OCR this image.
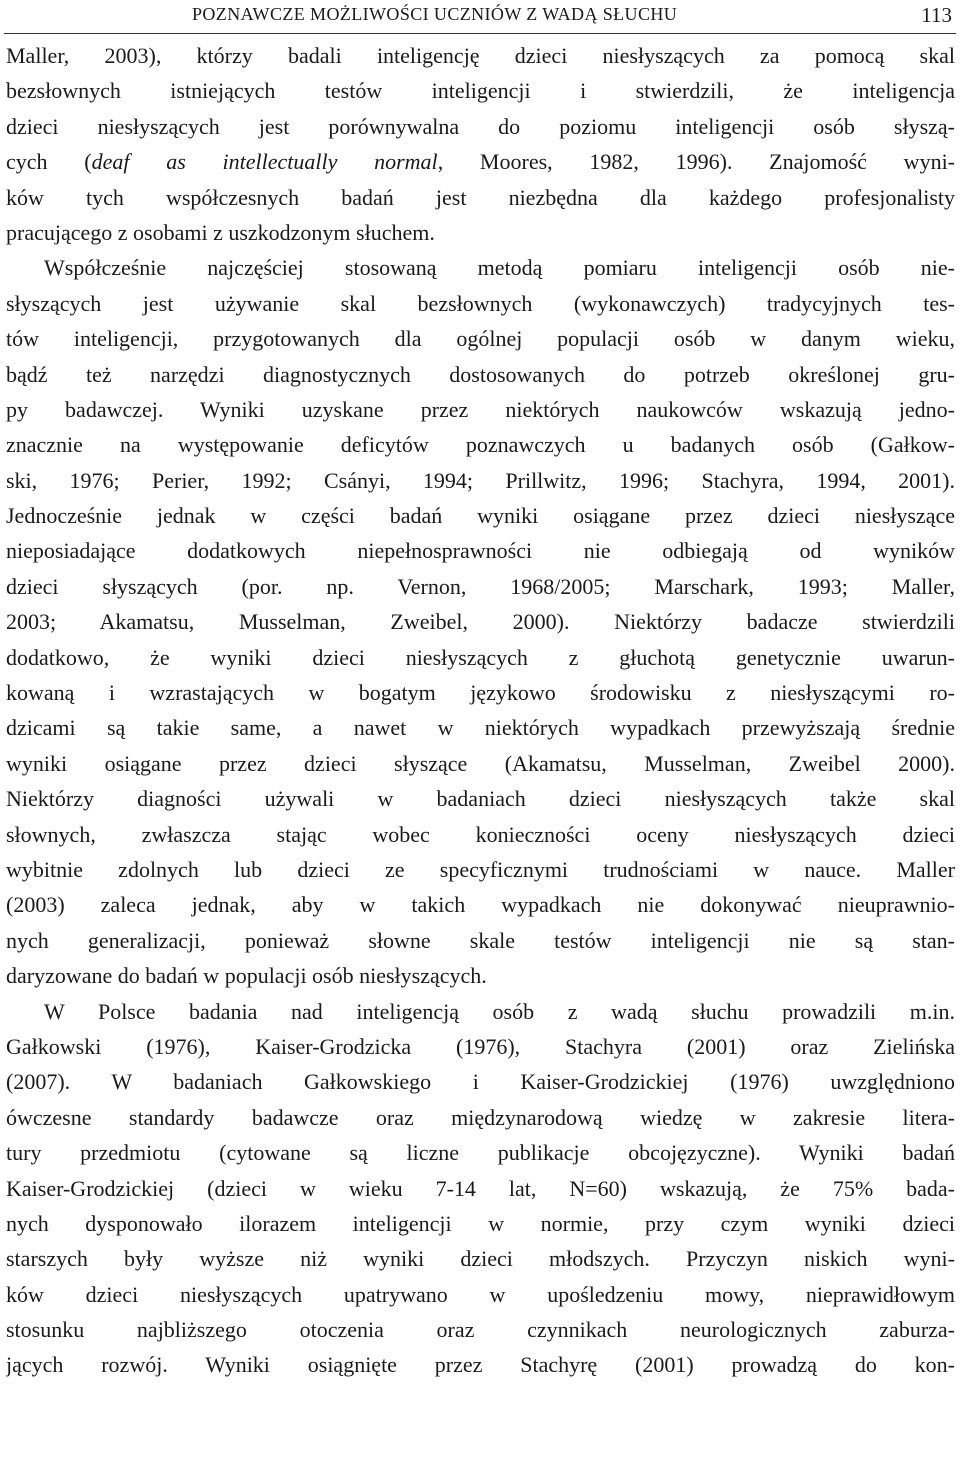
POZNAWCZE MOŻLIWOŚCI UCZNIÓW Z WADĄ SŁUCHU	113
Maller, 2003), którzy badali inteligencję dzieci niesłyszących za pomocą skal
bezsłownych istniejących testów inteligencji i stwierdzili, że inteligencja
dzieci niesłyszących jest porównywalna do poziomu inteligencji osób słyszą-
cych (deaf as intellectually normal, Moores, 1982, 1996). Znajomość wyni-
ków tych współczesnych badań jest niezbędna dla każdego profesjonalisty
pracującego z osobami z uszkodzonym słuchem.
Współcześnie najczęściej stosowaną metodą pomiaru inteligencji osób nie-
słyszących jest używanie skal bezsłownych (wykonawczych) tradycyjnych tes-
tów inteligencji, przygotowanych dla ogólnej populacji osób w danym wieku,
bądź też narzędzi diagnostycznych dostosowanych do potrzeb określonej gru-
py badawczej. Wyniki uzyskane przez niektórych naukowców wskazują jedno-
znacznie na występowanie deficytów poznawczych u badanych osób (Gałkow-
ski, 1976; Perier, 1992; Csányi, 1994; Prillwitz, 1996; Stachyra, 1994, 2001).
Jednocześnie jednak w części badań wyniki osiągane przez dzieci niesłyszące
nieposiadające dodatkowych niepełnosprawności nie odbiegają od wyników
dzieci słyszących (por. np. Vernon, 1968/2005; Marschark, 1993; Maller,
2003; Akamatsu, Musselman, Zweibel, 2000). Niektórzy badacze stwierdzili
dodatkowo, że wyniki dzieci niesłyszących z głuchotą genetycznie uwarun-
kowaną i wzrastających w bogatym językowo środowisku z niesłyszącymi ro-
dzicami są takie same, a nawet w niektórych wypadkach przewyższają średnie
wyniki osiągane przez dzieci słyszące (Akamatsu, Musselman, Zweibel 2000).
Niektórzy diagności używali w badaniach dzieci niesłyszących także skal
słownych, zwłaszcza stając wobec konieczności oceny niesłyszących dzieci
wybitnie zdolnych lub dzieci ze specyficznymi trudnościami w nauce. Maller
(2003) zaleca jednak, aby w takich wypadkach nie dokonywać nieuprawnio-
nych generalizacji, ponieważ słowne skale testów inteligencji nie są stan-
daryzowane do badań w populacji osób niesłyszących.
W Polsce badania nad inteligencją osób z wadą słuchu prowadzili m.in.
Gałkowski (1976), Kaiser-Grodzicka (1976), Stachyra (2001) oraz Zielińska
(2007). W badaniach Gałkowskiego i Kaiser-Grodzickiej (1976) uwzględniono
ówczesne standardy badawcze oraz międzynarodową wiedzę w zakresie litera-
tury przedmiotu (cytowane są liczne publikacje obcojęzyczne). Wyniki badań
Kaiser-Grodzickiej (dzieci w wieku 7-14 lat, N=60) wskazują, że 75% bada-
nych dysponowało ilorazem inteligencji w normie, przy czym wyniki dzieci
starszych były wyższe niż wyniki dzieci młodszych. Przyczyn niskich wyni-
ków dzieci niesłyszących upatrywano w upośledzeniu mowy, nieprawidłowym
stosunku najbliższego otoczenia oraz czynnikach neurologicznych zaburza-
jących rozwój. Wyniki osiągnięte przez Stachyrę (2001) prowadzą do kon-
